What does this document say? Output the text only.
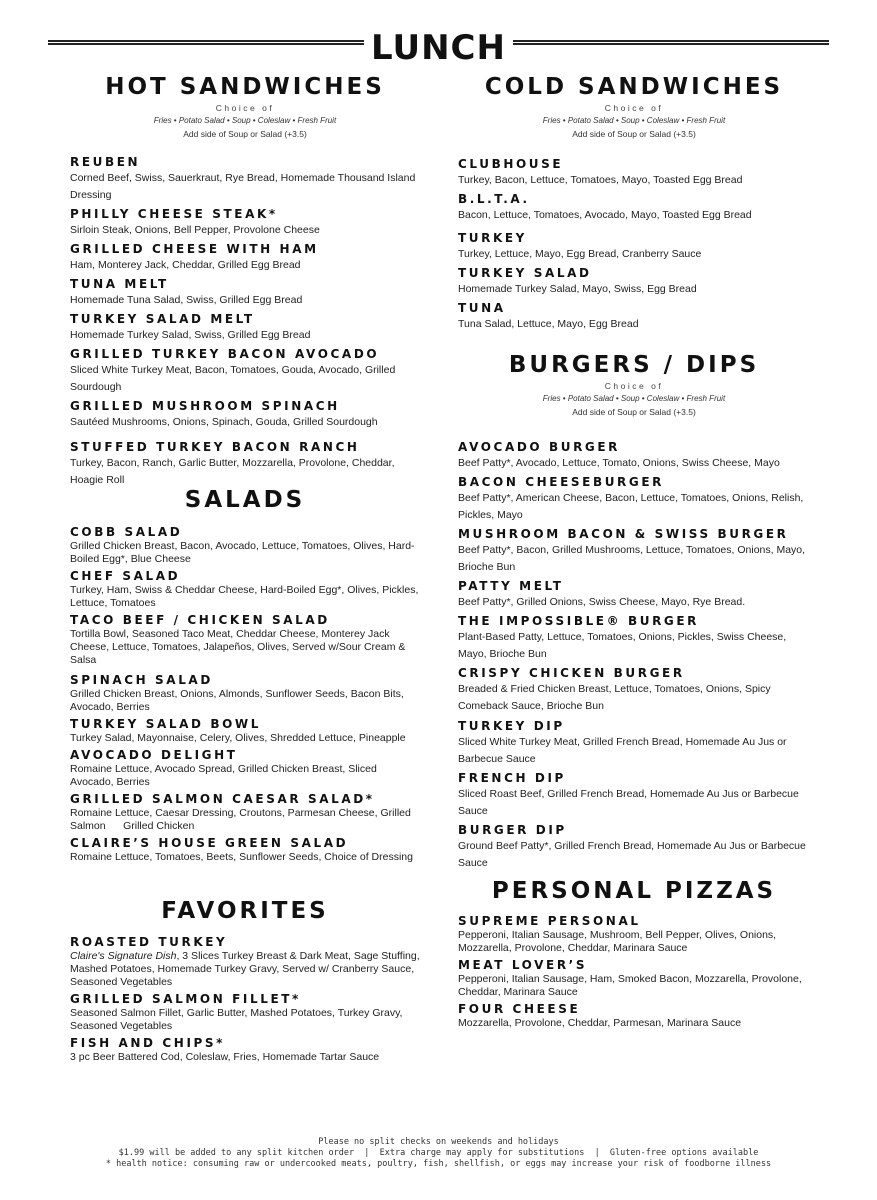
LUNCH
HOT SANDWICHES
Choice of
Fries • Potato Salad • Soup • Coleslaw • Fresh Fruit
Add side of Soup or Salad (+3.5)
REUBEN
Corned Beef, Swiss, Sauerkraut, Rye Bread, Homemade Thousand Island Dressing
PHILLY CHEESE STEAK*
Sirloin Steak, Onions, Bell Pepper, Provolone Cheese
GRILLED CHEESE WITH HAM
Ham, Monterey Jack, Cheddar, Grilled Egg Bread
TUNA MELT
Homemade Tuna Salad, Swiss, Grilled Egg Bread
TURKEY SALAD MELT
Homemade Turkey Salad, Swiss, Grilled Egg Bread
GRILLED TURKEY BACON AVOCADO
Sliced White Turkey Meat, Bacon, Tomatoes, Gouda, Avocado, Grilled Sourdough
GRILLED MUSHROOM SPINACH
Sautéed Mushrooms, Onions, Spinach, Gouda, Grilled Sourdough
STUFFED TURKEY BACON RANCH
Turkey, Bacon, Ranch, Garlic Butter, Mozzarella, Provolone, Cheddar, Hoagie Roll
SALADS
COBB SALAD
Grilled Chicken Breast, Bacon, Avocado, Lettuce, Tomatoes, Olives, Hard-Boiled Egg*, Blue Cheese
CHEF SALAD
Turkey, Ham, Swiss & Cheddar Cheese, Hard-Boiled Egg*, Olives, Pickles, Lettuce, Tomatoes
TACO BEEF / CHICKEN SALAD
Tortilla Bowl, Seasoned Taco Meat, Cheddar Cheese, Monterey Jack Cheese, Lettuce, Tomatoes, Jalapeños, Olives, Served w/Sour Cream & Salsa
SPINACH SALAD
Grilled Chicken Breast, Onions, Almonds, Sunflower Seeds, Bacon Bits, Avocado, Berries
TURKEY SALAD BOWL
Turkey Salad, Mayonnaise, Celery, Olives, Shredded Lettuce, Pineapple
AVOCADO DELIGHT
Romaine Lettuce, Avocado Spread, Grilled Chicken Breast, Sliced Avocado, Berries
GRILLED SALMON CAESAR SALAD*
Romaine Lettuce, Caesar Dressing, Croutons, Parmesan Cheese, Grilled Salmon      Grilled Chicken
CLAIRE’S HOUSE GREEN SALAD
Romaine Lettuce, Tomatoes, Beets, Sunflower Seeds, Choice of Dressing
FAVORITES
ROASTED TURKEY
Claire's Signature Dish, 3 Slices Turkey Breast & Dark Meat, Sage Stuffing, Mashed Potatoes, Homemade Turkey Gravy, Served w/ Cranberry Sauce, Seasoned Vegetables
GRILLED SALMON FILLET*
Seasoned Salmon Fillet, Garlic Butter, Mashed Potatoes, Turkey Gravy, Seasoned Vegetables
FISH AND CHIPS*
3 pc Beer Battered Cod, Coleslaw, Fries, Homemade Tartar Sauce
COLD SANDWICHES
Choice of
Fries • Potato Salad • Soup • Coleslaw • Fresh Fruit
Add side of Soup or Salad (+3.5)
CLUBHOUSE
Turkey, Bacon, Lettuce, Tomatoes, Mayo, Toasted Egg Bread
B.L.T.A.
Bacon, Lettuce, Tomatoes, Avocado, Mayo, Toasted Egg Bread
TURKEY
Turkey, Lettuce, Mayo, Egg Bread, Cranberry Sauce
TURKEY SALAD
Homemade Turkey Salad, Mayo, Swiss, Egg Bread
TUNA
Tuna Salad, Lettuce, Mayo, Egg Bread
BURGERS / DIPS
Choice of
Fries • Potato Salad • Soup • Coleslaw • Fresh Fruit
Add side of Soup or Salad (+3.5)
AVOCADO BURGER
Beef Patty*, Avocado, Lettuce, Tomato, Onions, Swiss Cheese, Mayo
BACON CHEESEBURGER
Beef Patty*, American Cheese, Bacon, Lettuce, Tomatoes, Onions, Relish, Pickles, Mayo
MUSHROOM BACON & SWISS BURGER
Beef Patty*, Bacon, Grilled Mushrooms, Lettuce, Tomatoes, Onions, Mayo, Brioche Bun
PATTY MELT
Beef Patty*, Grilled Onions, Swiss Cheese, Mayo, Rye Bread.
THE IMPOSSIBLE® BURGER
Plant-Based Patty, Lettuce, Tomatoes, Onions, Pickles, Swiss Cheese, Mayo, Brioche Bun
CRISPY CHICKEN BURGER
Breaded & Fried Chicken Breast, Lettuce, Tomatoes, Onions, Spicy Comeback Sauce, Brioche Bun
TURKEY DIP
Sliced White Turkey Meat, Grilled French Bread, Homemade Au Jus or Barbecue Sauce
FRENCH DIP
Sliced Roast Beef, Grilled French Bread, Homemade Au Jus or Barbecue Sauce
BURGER DIP
Ground Beef Patty*, Grilled French Bread, Homemade Au Jus or Barbecue Sauce
PERSONAL PIZZAS
SUPREME PERSONAL
Pepperoni, Italian Sausage, Mushroom, Bell Pepper, Olives, Onions, Mozzarella, Provolone, Cheddar, Marinara Sauce
MEAT LOVER’S
Pepperoni, Italian Sausage, Ham, Smoked Bacon, Mozzarella, Provolone, Cheddar, Marinara Sauce
FOUR CHEESE
Mozzarella, Provolone, Cheddar, Parmesan, Marinara Sauce
Please no split checks on weekends and holidays
$1.99 will be added to any split kitchen order  |  Extra charge may apply for substitutions  |  Gluten-free options available
* health notice: consuming raw or undercooked meats, poultry, fish, shellfish, or eggs may increase your risk of foodborne illness
